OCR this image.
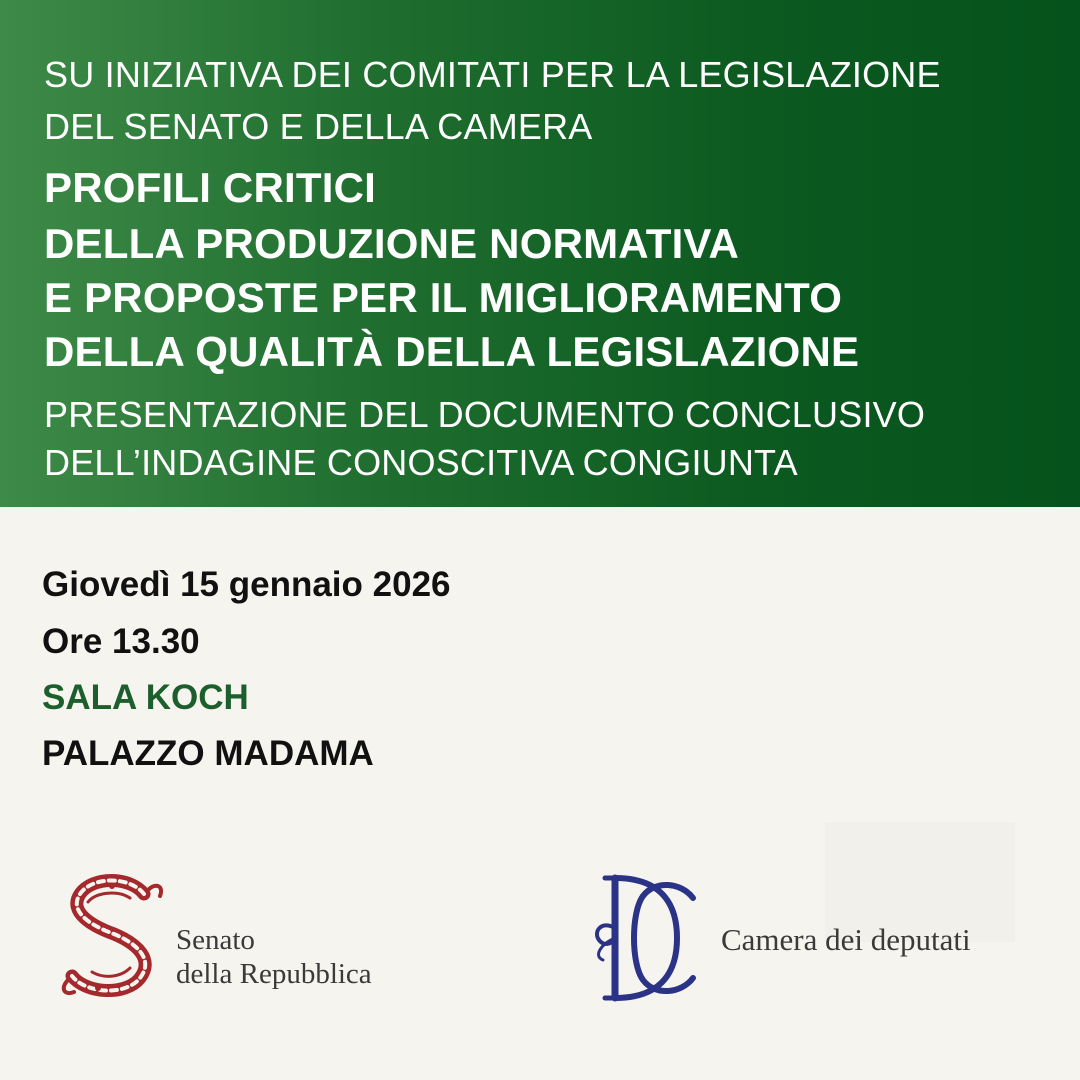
SU INIZIATIVA DEI COMITATI PER LA LEGISLAZIONE
DEL SENATO E DELLA CAMERA
PROFILI CRITICI
DELLA PRODUZIONE NORMATIVA
E PROPOSTE PER IL MIGLIORAMENTO
DELLA QUALITÀ DELLA LEGISLAZIONE
PRESENTAZIONE DEL DOCUMENTO CONCLUSIVO
DELL’INDAGINE CONOSCITIVA CONGIUNTA
Giovedì 15 gennaio 2026
Ore 13.30
SALA KOCH
PALAZZO MADAMA
Senato
della Repubblica
Camera dei deputati
